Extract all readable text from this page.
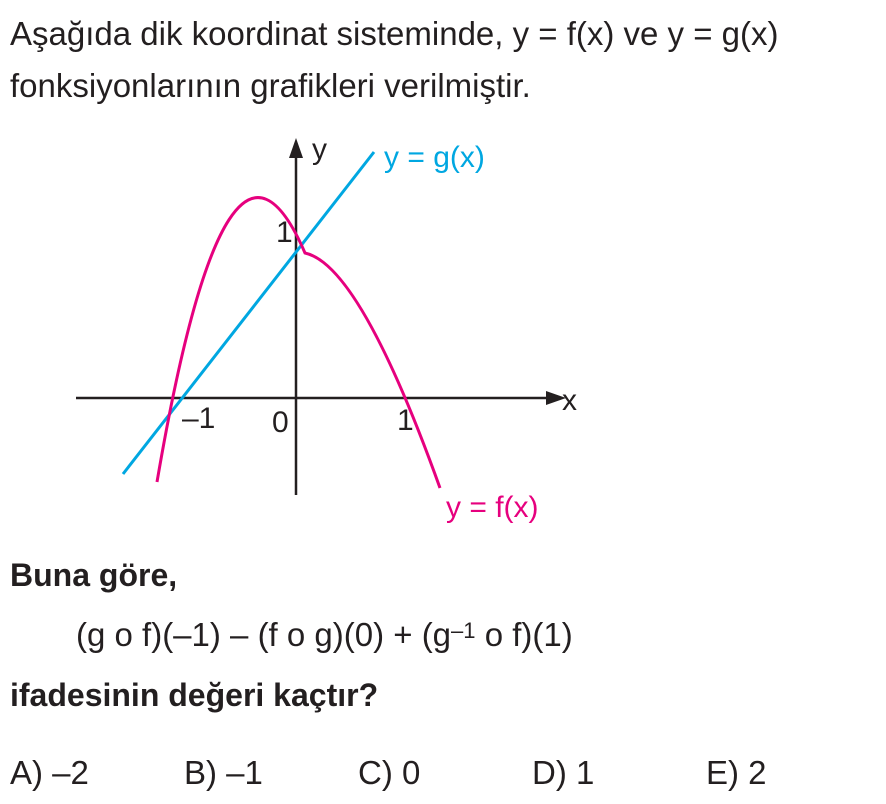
Aşağıda dik koordinat sisteminde, y = f(x) ve y = g(x)
fonksiyonlarının grafikleri verilmiştir.
y
x
y = g(x)
y = f(x)
1
–1 0	1
Buna göre,
(g o f)(–1) – (f o $g)(0) + (g^{-1}$ o f)(1)
ifadesinin değeri kaçtır?
A) –2	B) –1	C) 0	D) 1	E) 2
